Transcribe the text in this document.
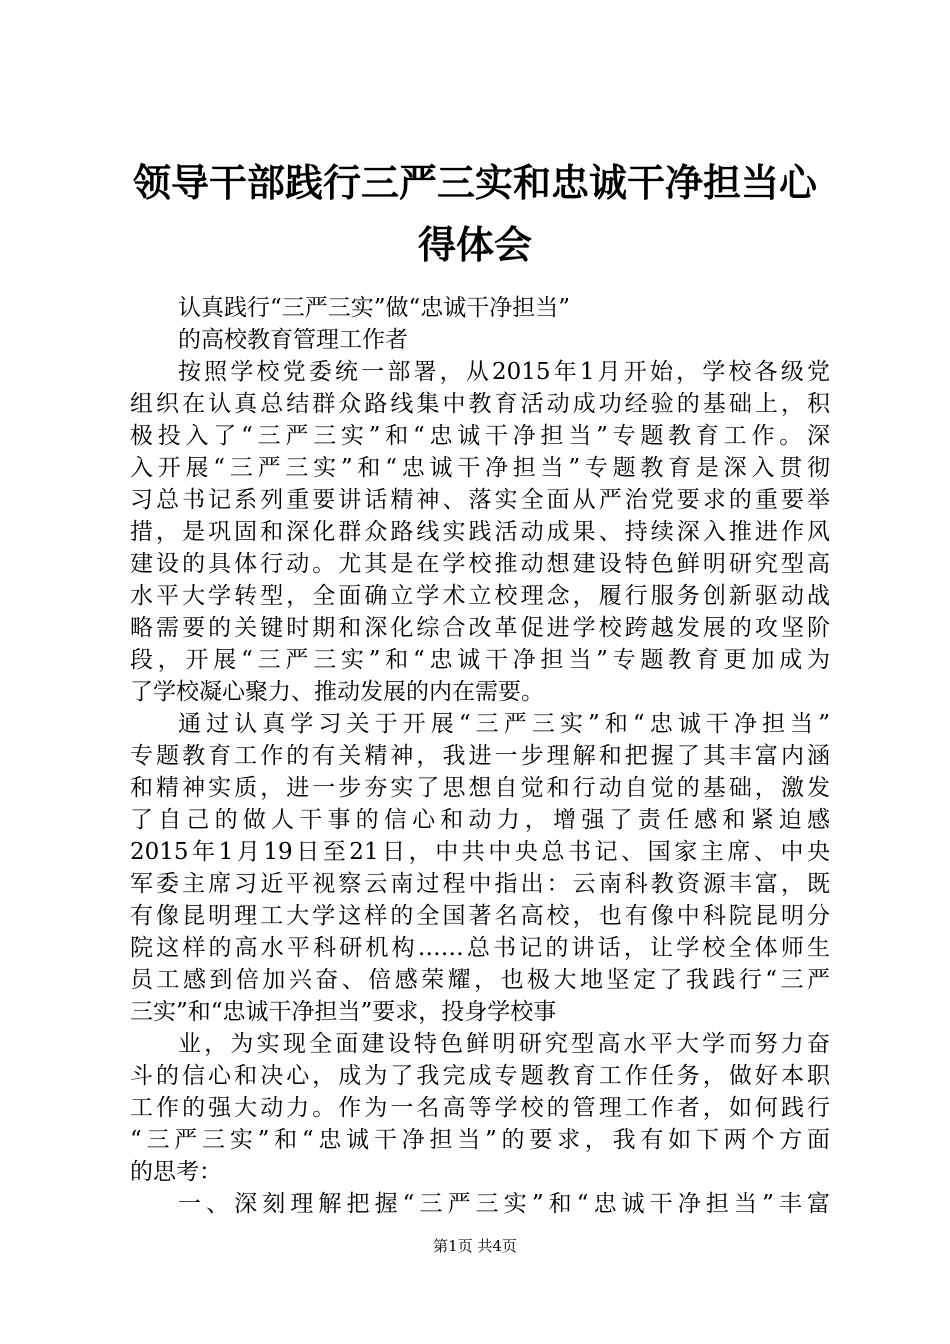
领导干部践行三严三实和忠诚干净担当心得体会
认真践行“三严三实”做“忠诚干净担当”
的高校教育管理工作者
按照学校党委统一部署，从2015年1月开始，学校各级党
组织在认真总结群众路线集中教育活动成功经验的基础上，积
极投入了“三严三实”和“忠诚干净担当”专题教育工作。深
入开展“三严三实”和“忠诚干净担当”专题教育是深入贯彻
习总书记系列重要讲话精神、落实全面从严治党要求的重要举
措，是巩固和深化群众路线实践活动成果、持续深入推进作风
建设的具体行动。尤其是在学校推动想建设特色鲜明研究型高
水平大学转型，全面确立学术立校理念，履行服务创新驱动战
略需要的关键时期和深化综合改革促进学校跨越发展的攻坚阶
段，开展“三严三实”和“忠诚干净担当”专题教育更加成为
了学校凝心聚力、推动发展的内在需要。
通过认真学习关于开展“三严三实”和“忠诚干净担当”
专题教育工作的有关精神，我进一步理解和把握了其丰富内涵
和精神实质，进一步夯实了思想自觉和行动自觉的基础，激发
了自己的做人干事的信心和动力，增强了责任感和紧迫感
2015年1月19日至21日，中共中央总书记、国家主席、中央
军委主席习近平视察云南过程中指出：云南科教资源丰富，既
有像昆明理工大学这样的全国著名高校，也有像中科院昆明分
院这样的高水平科研机构……总书记的讲话，让学校全体师生
员工感到倍加兴奋、倍感荣耀，也极大地坚定了我践行“三严
三实”和“忠诚干净担当”要求，投身学校事
业，为实现全面建设特色鲜明研究型高水平大学而努力奋
斗的信心和决心，成为了我完成专题教育工作任务，做好本职
工作的强大动力。作为一名高等学校的管理工作者，如何践行
“三严三实”和“忠诚干净担当”的要求，我有如下两个方面
的思考：
一、深刻理解把握“三严三实”和“忠诚干净担当”丰富
第1页 共4页
